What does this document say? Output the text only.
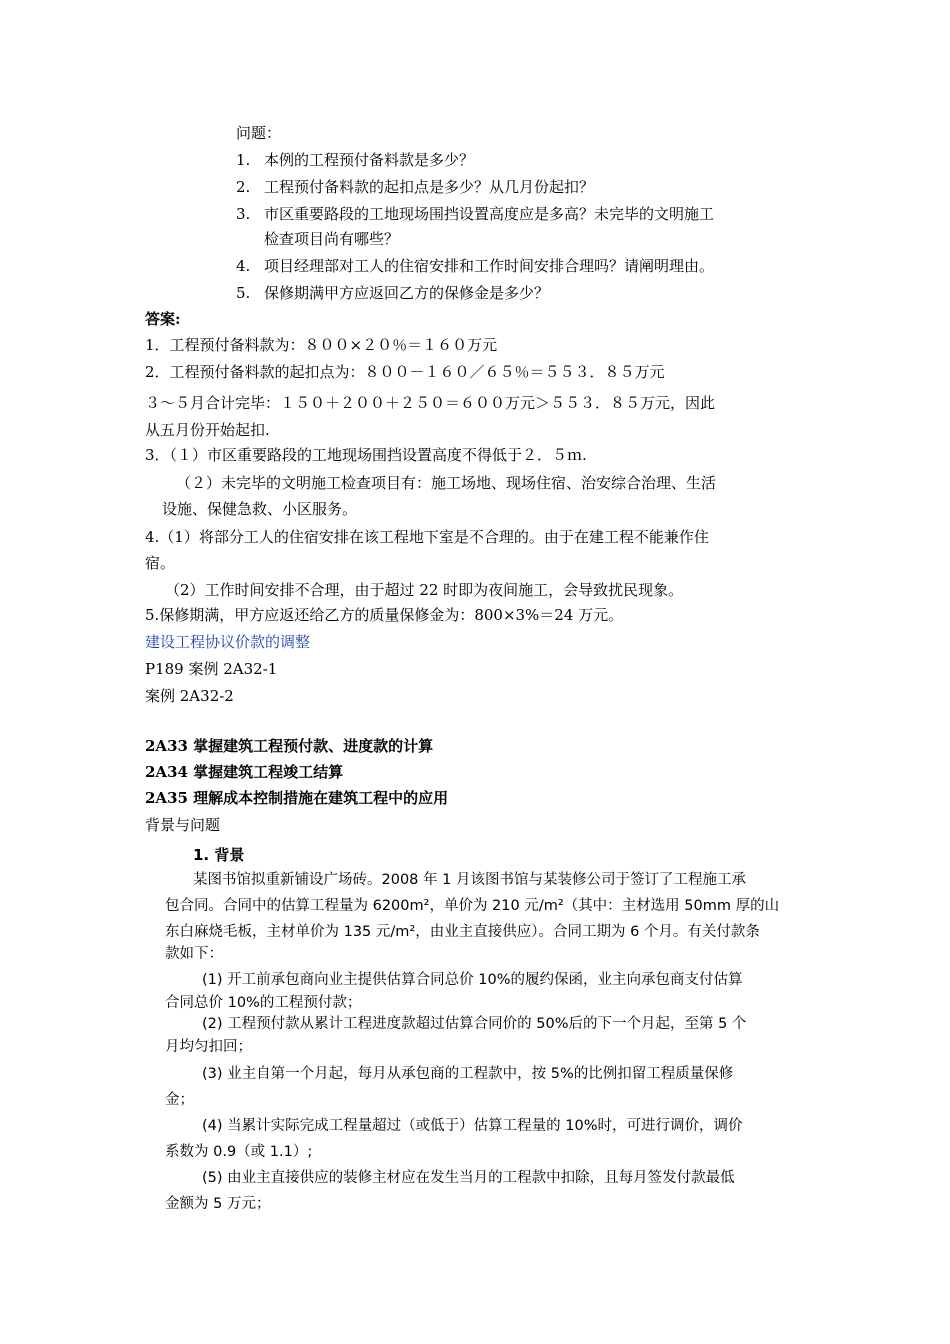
问题：
1. 本例的工程预付备料款是多少？
2. 工程预付备料款的起扣点是多少？从几月份起扣？
3. 市区重要路段的工地现场围挡设置高度应是多高？未完毕的文明施工
检查项目尚有哪些？
4. 项目经理部对工人的住宿安排和工作时间安排合理吗？请阐明理由。
5. 保修期满甲方应返回乙方的保修金是多少？
答案:
1．工程预付备料款为：８００×２０％＝１６０万元
2．工程预付备料款的起扣点为：８００－１６０／６５％＝５５３．８５万元
３～５月合计完毕：１５０＋２００＋２５０＝６００万元＞５５３．８５万元，因此
从五月份开始起扣.
3．（１）市区重要路段的工地现场围挡设置高度不得低于２．５ｍ.
（２）未完毕的文明施工检查项目有：施工场地、现场住宿、治安综合治理、生活
设施、保健急救、小区服务。
4.（1）将部分工人的住宿安排在该工程地下室是不合理的。由于在建工程不能兼作住
宿。
（2）工作时间安排不合理，由于超过 22 时即为夜间施工，会导致扰民现象。
5.保修期满，甲方应返还给乙方的质量保修金为：800×3%＝24 万元。
建设工程协议价款的调整
P189 案例 2A32-1
案例 2A32-2
2A33 掌握建筑工程预付款、进度款的计算
2A34 掌握建筑工程竣工结算
2A35 理解成本控制措施在建筑工程中的应用
背景与问题
1. 背景
某图书馆拟重新铺设广场砖。2008 年 1 月该图书馆与某装修公司于签订了工程施工承
包合同。合同中的估算工程量为 6200m²，单价为 210 元/m²（其中：主材选用 50mm 厚的山
东白麻烧毛板，主材单价为 135 元/m²，由业主直接供应）。合同工期为 6 个月。有关付款条
款如下：
(1) 开工前承包商向业主提供估算合同总价 10%的履约保函，业主向承包商支付估算
合同总价 10%的工程预付款；
(2) 工程预付款从累计工程进度款超过估算合同价的 50%后的下一个月起，至第 5 个
月均匀扣回；
(3) 业主自第一个月起，每月从承包商的工程款中，按 5%的比例扣留工程质量保修
金；
(4) 当累计实际完成工程量超过（或低于）估算工程量的 10%时，可进行调价，调价
系数为 0.9（或 1.1）;
(5) 由业主直接供应的装修主材应在发生当月的工程款中扣除，且每月签发付款最低
金额为 5 万元；
